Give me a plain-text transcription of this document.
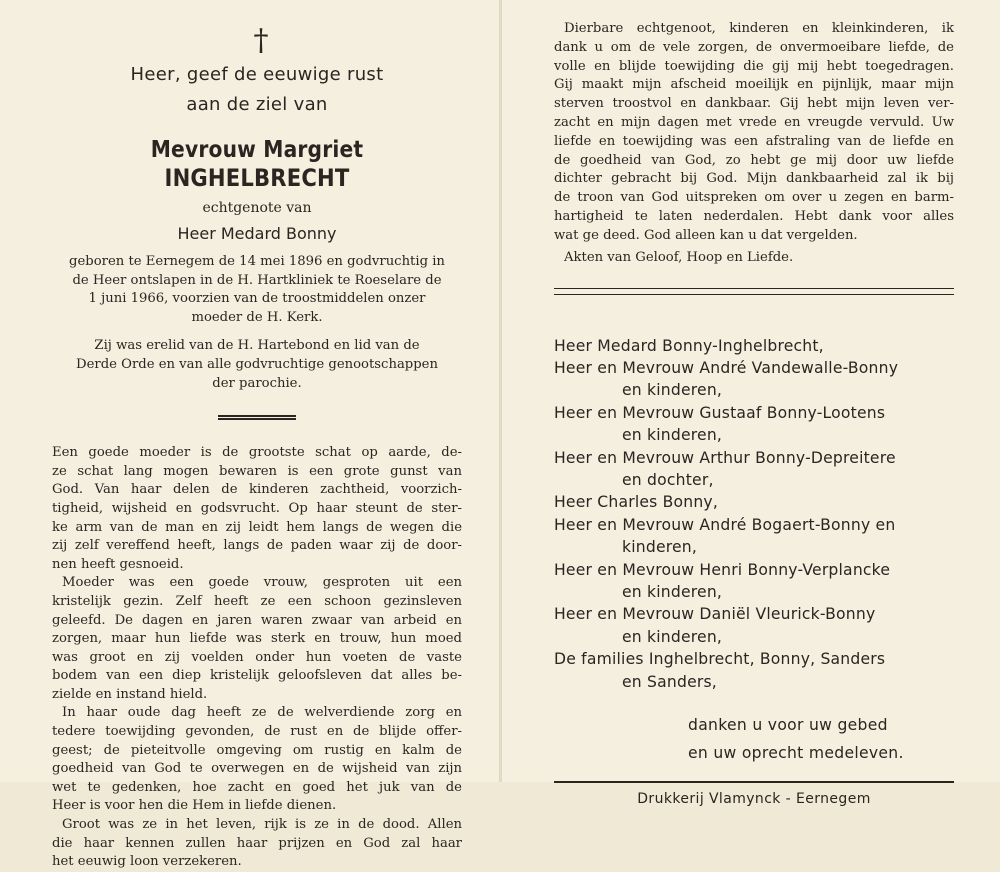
†
Heer, geef de eeuwige rust
aan de ziel van
Mevrouw Margriet INGHELBRECHT
echtgenote van
Heer Medard Bonny
geboren te Eernegem de 14 mei 1896 en godvruchtig in
de Heer ontslapen in de H. Hartkliniek te Roeselare de
1 juni 1966, voorzien van de troostmiddelen onzer
moeder de H. Kerk.
Zij was erelid van de H. Hartebond en lid van de
Derde Orde en van alle godvruchtige genootschappen
der parochie.
Een goede moeder is de grootste schat op aarde, de-
ze schat lang mogen bewaren is een grote gunst van
God. Van haar delen de kinderen zachtheid, voorzich-
tigheid, wijsheid en godsvrucht. Op haar steunt de ster-
ke arm van de man en zij leidt hem langs de wegen die
zij zelf vereffend heeft, langs de paden waar zij de door-
nen heeft gesnoeid.
Moeder was een goede vrouw, gesproten uit een
kristelijk gezin. Zelf heeft ze een schoon gezinsleven
geleefd. De dagen en jaren waren zwaar van arbeid en
zorgen, maar hun liefde was sterk en trouw, hun moed
was groot en zij voelden onder hun voeten de vaste
bodem van een diep kristelijk geloofsleven dat alles be-
zielde en instand hield.
In haar oude dag heeft ze de welverdiende zorg en
tedere toewijding gevonden, de rust en de blijde offer-
geest; de pieteitvolle omgeving om rustig en kalm de
goedheid van God te overwegen en de wijsheid van zijn
wet te gedenken, hoe zacht en goed het juk van de
Heer is voor hen die Hem in liefde dienen.
Groot was ze in het leven, rijk is ze in de dood. Allen
die haar kennen zullen haar prijzen en God zal haar
het eeuwig loon verzekeren.
Dierbare echtgenoot, kinderen en kleinkinderen, ik
dank u om de vele zorgen, de onvermoeibare liefde, de
volle en blijde toewijding die gij mij hebt toegedragen.
Gij maakt mijn afscheid moeilijk en pijnlijk, maar mijn
sterven troostvol en dankbaar. Gij hebt mijn leven ver-
zacht en mijn dagen met vrede en vreugde vervuld. Uw
liefde en toewijding was een afstraling van de liefde en
de goedheid van God, zo hebt ge mij door uw liefde
dichter gebracht bij God. Mijn dankbaarheid zal ik bij
de troon van God uitspreken om over u zegen en barm-
hartigheid te laten nederdalen. Hebt dank voor alles
wat ge deed. God alleen kan u dat vergelden.
Akten van Geloof, Hoop en Liefde.
Heer Medard Bonny-Inghelbrecht,
Heer en Mevrouw André Vandewalle-Bonny
en kinderen,
Heer en Mevrouw Gustaaf Bonny-Lootens
en kinderen,
Heer en Mevrouw Arthur Bonny-Depreitere
en dochter,
Heer Charles Bonny,
Heer en Mevrouw André Bogaert-Bonny en
kinderen,
Heer en Mevrouw Henri Bonny-Verplancke
en kinderen,
Heer en Mevrouw Daniël Vleurick-Bonny
en kinderen,
De families Inghelbrecht, Bonny, Sanders
en Sanders,
danken u voor uw gebed
en uw oprecht medeleven.
Drukkerij Vlamynck - Eernegem
